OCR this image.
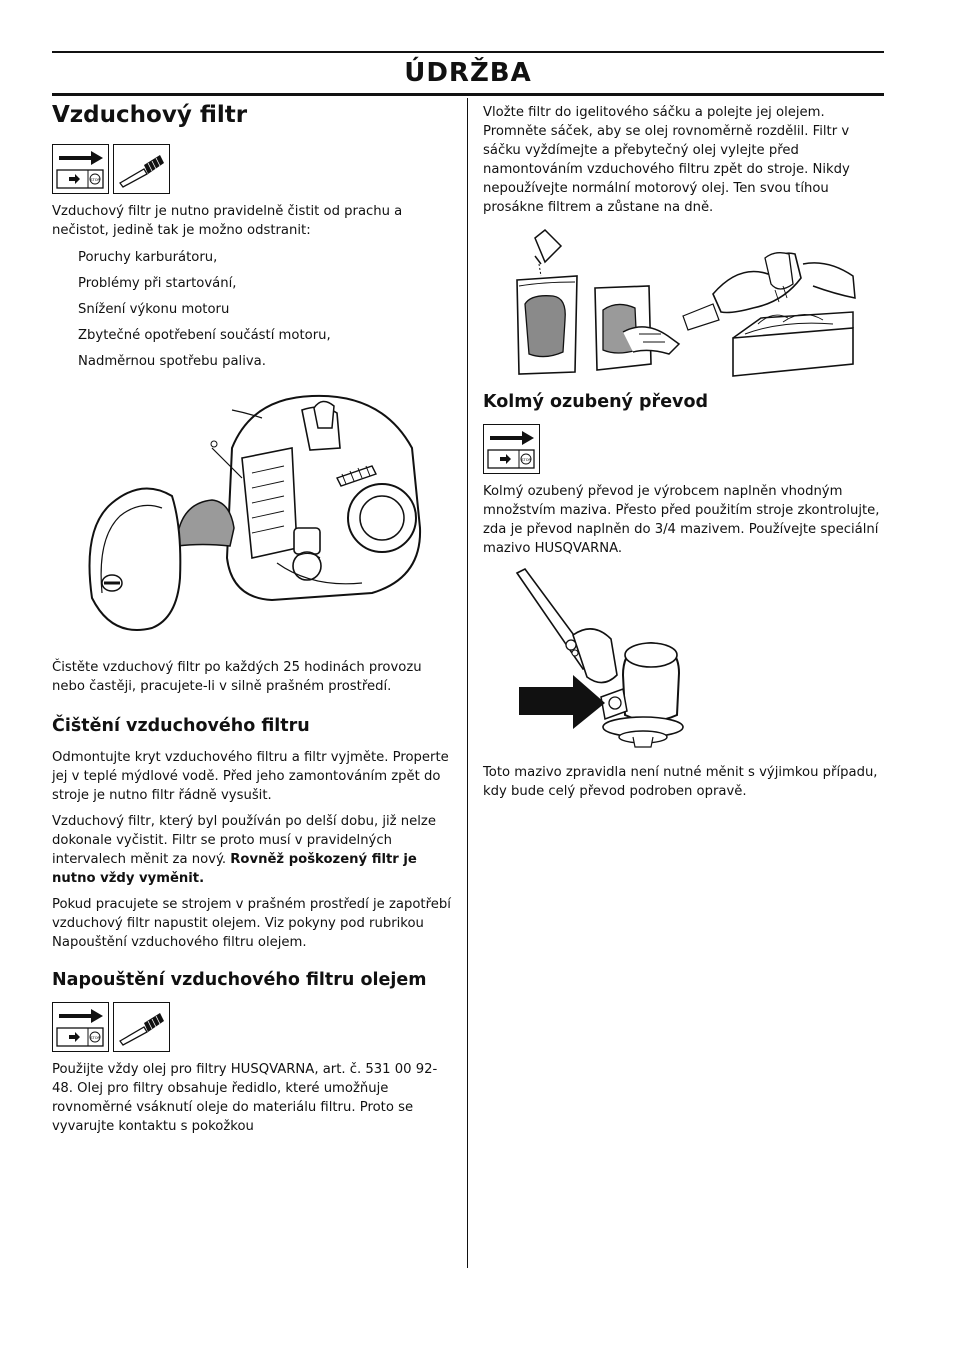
ÚDRŽBA
Vzduchový filtr
STOP

Vzduchový filtr je nutno pravidelně čistit od prachu a nečistot, jedině tak je možno odstranit:

Poruchy karburátoru,
Problémy při startování,
Snížení výkonu motoru
Zbytečné opotřebení součástí motoru,
Nadměrnou spotřebu paliva.

Čistěte vzduchový filtr po každých 25 hodinách provozu nebo častěji, pracujete-li v silně prašném prostředí.

Čištění vzduchového filtru

Odmontujte kryt vzduchového filtru a filtr vyjměte. Properte jej v teplé mýdlové vodě. Před jeho zamontováním zpět do stroje je nutno filtr řádně vysušit.

Vzduchový filtr, který byl používán po delší dobu, již nelze dokonale vyčistit. Filtr se proto musí v pravidelných intervalech měnit za nový. Rovněž poškozený filtr je nutno vždy vyměnit.

Pokud pracujete se strojem v prašném prostředí je zapotřebí vzduchový filtr napustit olejem. Viz pokyny pod rubrikou Napouštění vzduchového filtru olejem.

Napouštění vzduchového filtru olejem
STOP

Použijte vždy olej pro filtry HUSQVARNA, art. č. 531 00 92-48. Olej pro filtry obsahuje ředidlo, které umožňuje rovnoměrné vsáknutí oleje do materiálu filtru. Proto se vyvarujte kontaktu s pokožkou

Vložte filtr do igelitového sáčku a polejte jej olejem. Promněte sáček, aby se olej rovnoměrně rozdělil. Filtr v sáčku vyždímejte a přebytečný olej vylejte před namontováním vzduchového filtru zpět do stroje. Nikdy nepoužívejte normální motorový olej. Ten svou tíhou prosákne filtrem a zůstane na dně.

Kolmý ozubený převod
STOP

Kolmý ozubený převod je výrobcem naplněn vhodným množstvím maziva. Přesto před použitím stroje zkontrolujte, zda je převod naplněn do 3/4 mazivem. Používejte speciální mazivo HUSQVARNA.

Toto mazivo zpravidla není nutné měnit s výjimkou případu, kdy bude celý převod podroben opravě.
